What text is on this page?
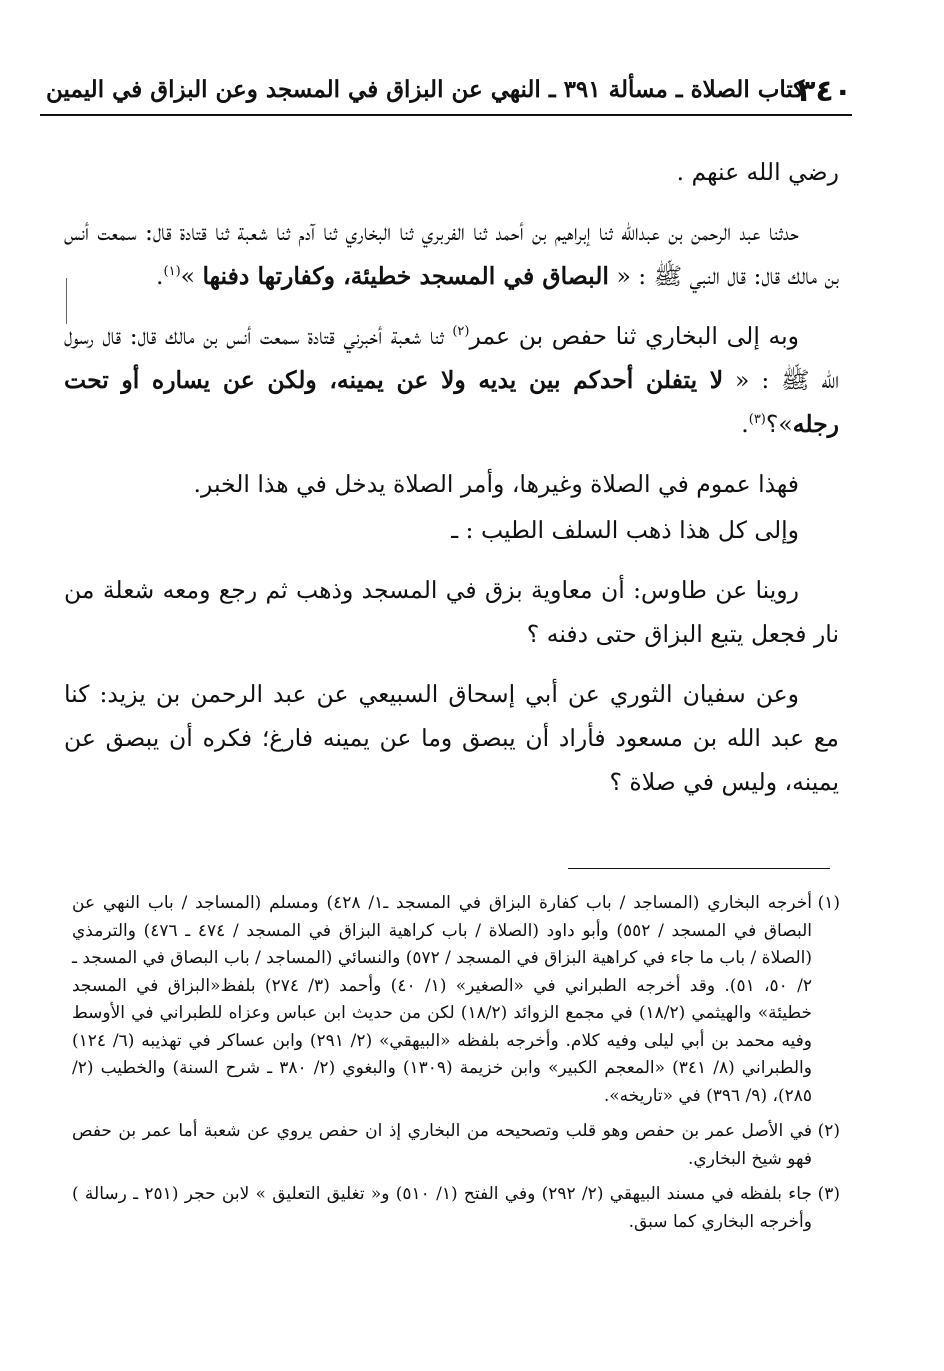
٣٤٠
كتاب الصلاة ـ مسألة ٣٩١ ـ النهي عن البزاق في المسجد وعن البزاق في اليمين

رضي الله عنهم .

حدثنا عبد الرحمن بن عبدالله ثنا إبراهيم بن أحمد ثنا الفربري ثنا البخاري ثنا آدم ثنا شعبة ثنا قتادة قال: سمعت أنس بن مالك قال: قال النبي ﷺ : « البصاق في المسجد خطيئة، وكفارتها دفنها »$^{(١)}$.

وبه إلى البخاري ثنا حفص بن عمر$^{(٢)}$ ثنا شعبة أخبرني قتادة سمعت أنس بن مالك قال: قال رسول الله ﷺ : « لا يتفلن أحدكم بين يديه ولا عن يمينه، ولكن عن يساره أو تحت رجله»؟$^{(٣)}$.

فهذا عموم في الصلاة وغيرها، وأمر الصلاة يدخل في هذا الخبر.

وإلى كل هذا ذهب السلف الطيب : ـ

روينا عن طاوس: أن معاوية بزق في المسجد وذهب ثم رجع ومعه شعلة من نار فجعل يتبع البزاق حتى دفنه ؟

وعن سفيان الثوري عن أبي إسحاق السبيعي عن عبد الرحمن بن يزيد: كنا مع عبد الله بن مسعود فأراد أن يبصق وما عن يمينه فارغ؛ فكره أن يبصق عن يمينه، وليس في صلاة ؟

(١)
أخرجه البخاري (المساجد / باب كفارة البزاق في المسجد ـ١/ ٤٢٨) ومسلم (المساجد / باب النهي عن البصاق في المسجد / ٥٥٢) وأبو داود (الصلاة / باب كراهية البزاق في المسجد / ٤٧٤ ـ ٤٧٦) والترمذي (الصلاة / باب ما جاء في كراهية البزاق في المسجد / ٥٧٢) والنسائي (المساجد / باب البصاق في المسجد ـ ٢/ ٥٠، ٥١). وقد أخرجه الطبراني في «الصغير» (١/ ٤٠) وأحمد (٣/ ٢٧٤) بلفظ«البزاق في المسجد خطيئة» والهيثمي (١٨/٢) في مجمع الزوائد (١٨/٢) لكن من حديث ابن عباس وعزاه للطبراني في الأوسط وفيه محمد بن أبي ليلى وفيه كلام. وأخرجه بلفظه «البيهقي» (٢/ ٢٩١) وابن عساكر في تهذيبه (٦/ ١٢٤) والطبراني (٨/ ٣٤١) «المعجم الكبير» وابن خزيمة (١٣٠٩) والبغوي (٢/ ٣٨٠ ـ شرح السنة) والخطيب (٢/ ٢٨٥)، (٩/ ٣٩٦) في «تاريخه».

(٢)
في الأصل عمر بن حفص وهو قلب وتصحيحه من البخاري إذ ان حفص يروي عن شعبة أما عمر بن حفص فهو شيخ البخاري.

(٣)
جاء بلفظه في مسند البيهقي (٢/ ٢٩٢) وفي الفتح (١/ ٥١٠) و« تغليق التعليق » لابن حجر (٢٥١ ـ رسالة ) وأخرجه البخاري كما سبق.
